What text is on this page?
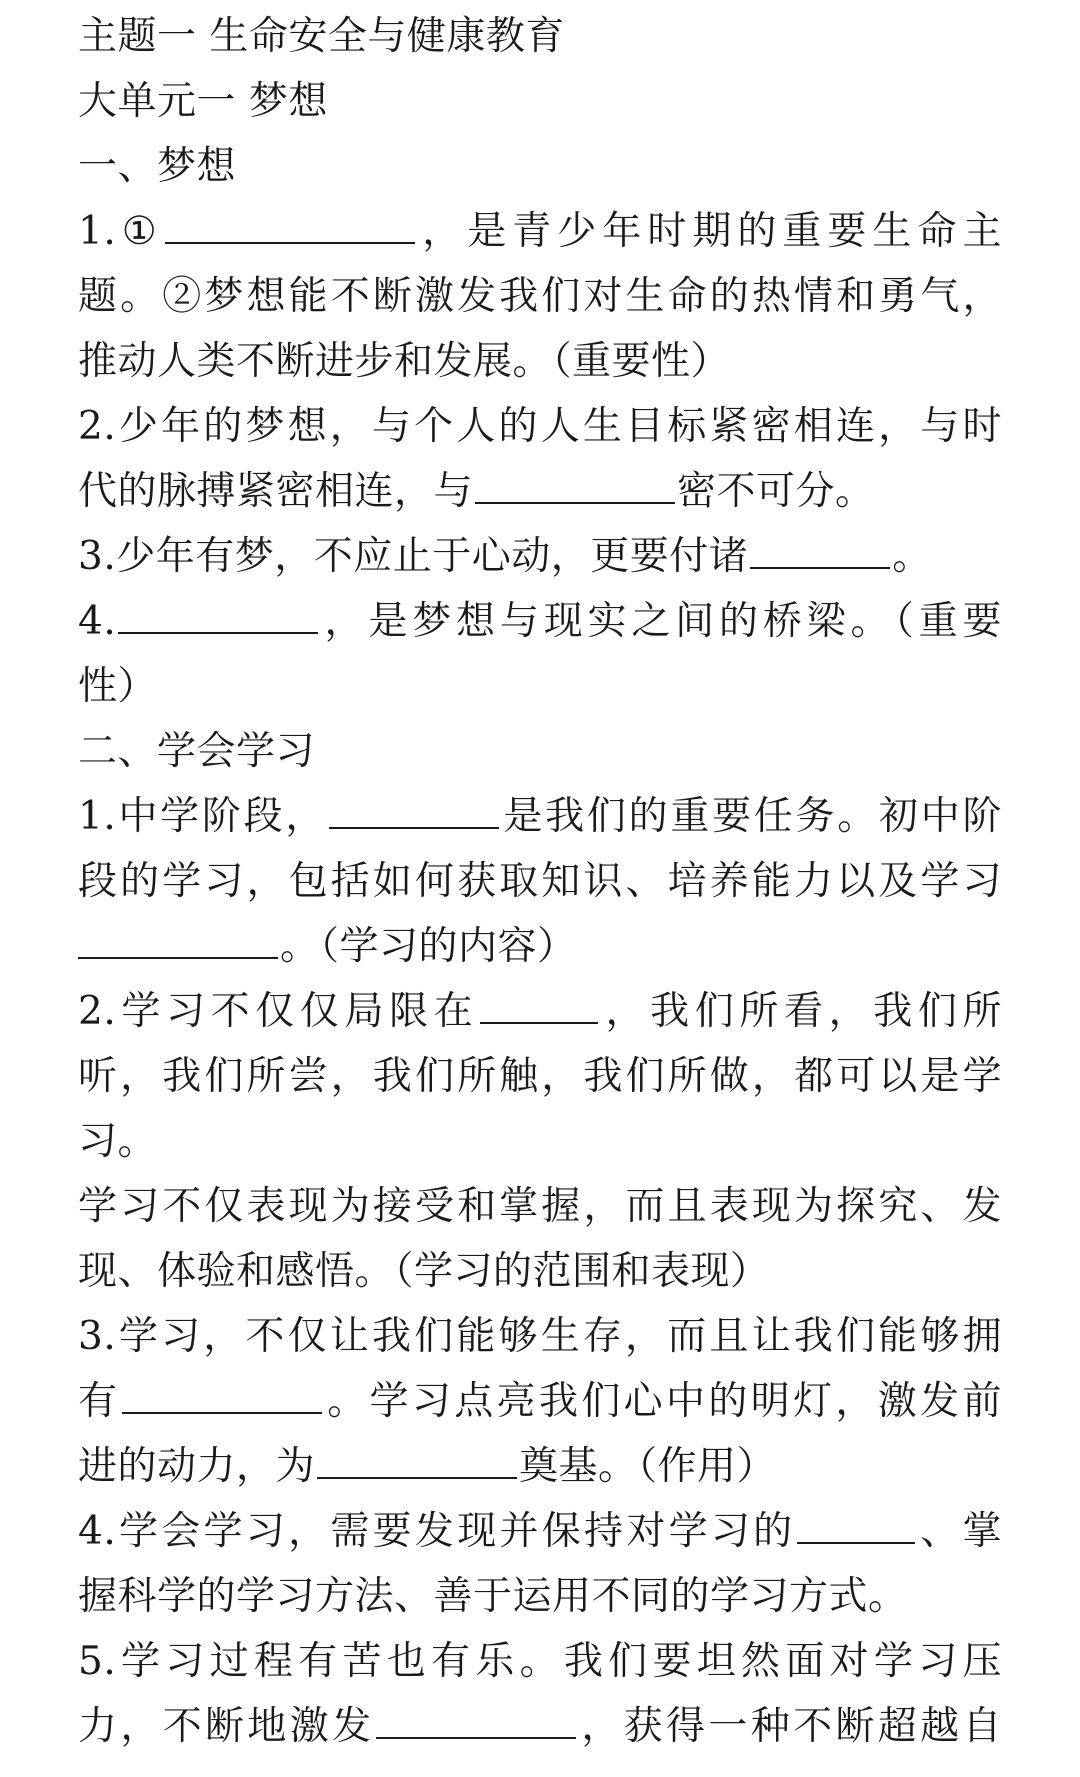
主题一 生命安全与健康教育
大单元一 梦想
一、梦想
1.①	，是青少年时期的重要生命主
题。②梦想能不断激发我们对生命的热情和勇气，
推动人类不断进步和发展。（重要性）
2.少年的梦想，与个人的人生目标紧密相连，与时
代的脉搏紧密相连，与	密不可分。
3.少年有梦，不应止于心动，更要付诸	。
4.	，是梦想与现实之间的桥梁。（重要
性）
二、学会学习
1.中学阶段，	是我们的重要任务。初中阶
段的学习，包括如何获取知识、培养能力以及学习
。（学习的内容）
2.学习不仅仅局限在	，我们所看，我们所
听，我们所尝，我们所触，我们所做，都可以是学
习。
学习不仅表现为接受和掌握，而且表现为探究、发
现、体验和感悟。（学习的范围和表现）
3.学习，不仅让我们能够生存，而且让我们能够拥
有	。学习点亮我们心中的明灯，激发前
进的动力，为	奠基。（作用）
4.学会学习，需要发现并保持对学习的	、掌
握科学的学习方法、善于运用不同的学习方式。
5.学习过程有苦也有乐。我们要坦然面对学习压
力，不断地激发	，获得一种不断超越自
